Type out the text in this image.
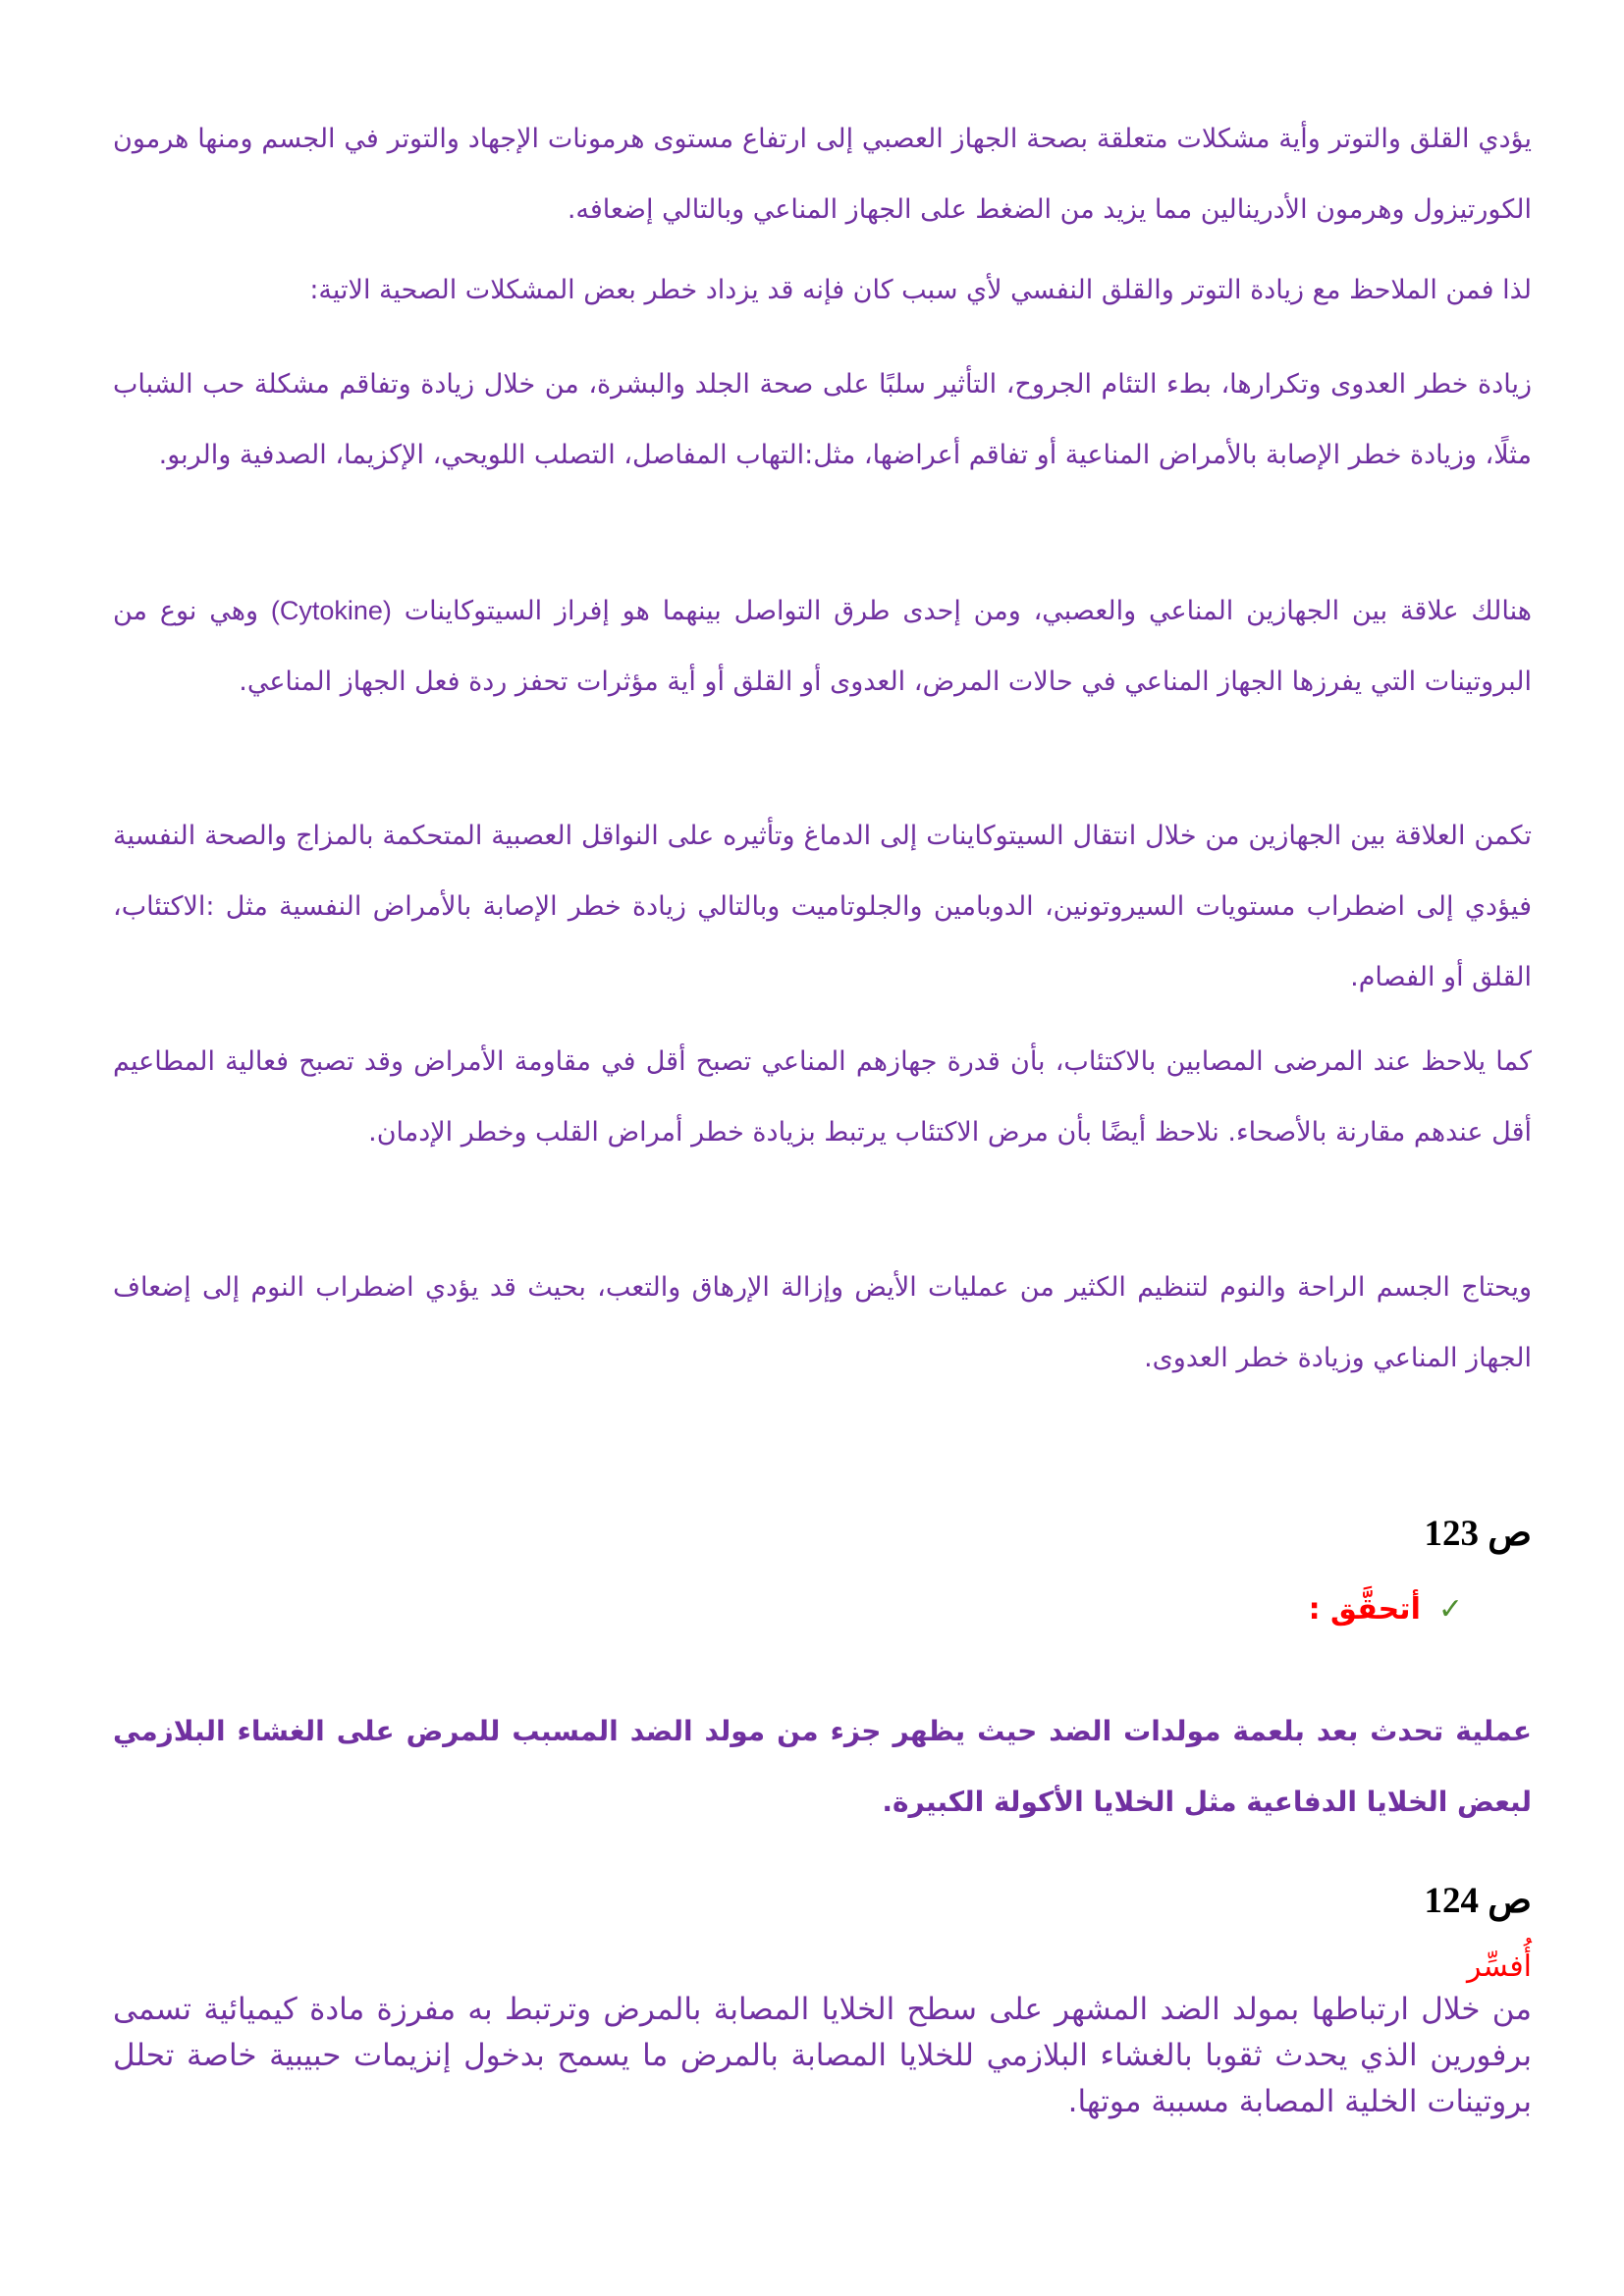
يؤدي القلق والتوتر وأية مشكلات متعلقة بصحة الجهاز العصبي إلى ارتفاع مستوى هرمونات الإجهاد والتوتر في الجسم ومنها هرمون الكورتيزول وهرمون الأدرينالين مما يزيد من الضغط على الجهاز المناعي وبالتالي إضعافه.

لذا فمن الملاحظ مع زيادة التوتر والقلق النفسي لأي سبب كان فإنه قد يزداد خطر بعض المشكلات الصحية الاتية:

زيادة خطر العدوى وتكرارها، بطء التئام الجروح، التأثير سلبًا على صحة الجلد والبشرة، من خلال زيادة وتفاقم مشكلة حب الشباب مثلًا، وزيادة خطر الإصابة بالأمراض المناعية أو تفاقم أعراضها، مثل:التهاب المفاصل، التصلب اللويحي، الإكزيما، الصدفية والربو.

هنالك علاقة بين الجهازين المناعي والعصبي، ومن إحدى طرق التواصل بينهما هو إفراز السيتوكاينات (Cytokine) وهي نوع من البروتينات التي يفرزها الجهاز المناعي في حالات المرض، العدوى أو القلق أو أية مؤثرات تحفز ردة فعل الجهاز المناعي.

تكمن العلاقة بين الجهازين من خلال انتقال السيتوكاينات إلى الدماغ وتأثيره على النواقل العصبية المتحكمة بالمزاج والصحة النفسية فيؤدي إلى اضطراب مستويات السيروتونين، الدوبامين والجلوتاميت وبالتالي زيادة خطر الإصابة بالأمراض النفسية مثل :الاكتئاب، القلق أو الفصام.

كما يلاحظ عند المرضى المصابين بالاكتئاب، بأن قدرة جهازهم المناعي تصبح أقل في مقاومة الأمراض وقد تصبح فعالية المطاعيم أقل عندهم مقارنة بالأصحاء. نلاحظ أيضًا بأن مرض الاكتئاب يرتبط بزيادة خطر أمراض القلب وخطر الإدمان.

ويحتاج الجسم الراحة والنوم لتنظيم الكثير من عمليات الأيض وإزالة الإرهاق والتعب، بحيث قد يؤدي اضطراب النوم إلى إضعاف الجهاز المناعي وزيادة خطر العدوى.

ص 123

✓أتحقَّق :

عملية تحدث بعد بلعمة مولدات الضد حيث يظهر جزء من مولد الضد المسبب للمرض على الغشاء البلازمي لبعض الخلايا الدفاعية مثل الخلايا الأكولة الكبيرة.

ص 124

أُفسِّر

من خلال ارتباطها بمولد الضد المشهر على سطح الخلايا المصابة بالمرض وترتبط به مفرزة مادة كيميائية تسمى برفورين الذي يحدث ثقوبا بالغشاء البلازمي للخلايا المصابة بالمرض ما يسمح بدخول إنزيمات حبيبية خاصة تحلل بروتينات الخلية المصابة مسببة موتها.
